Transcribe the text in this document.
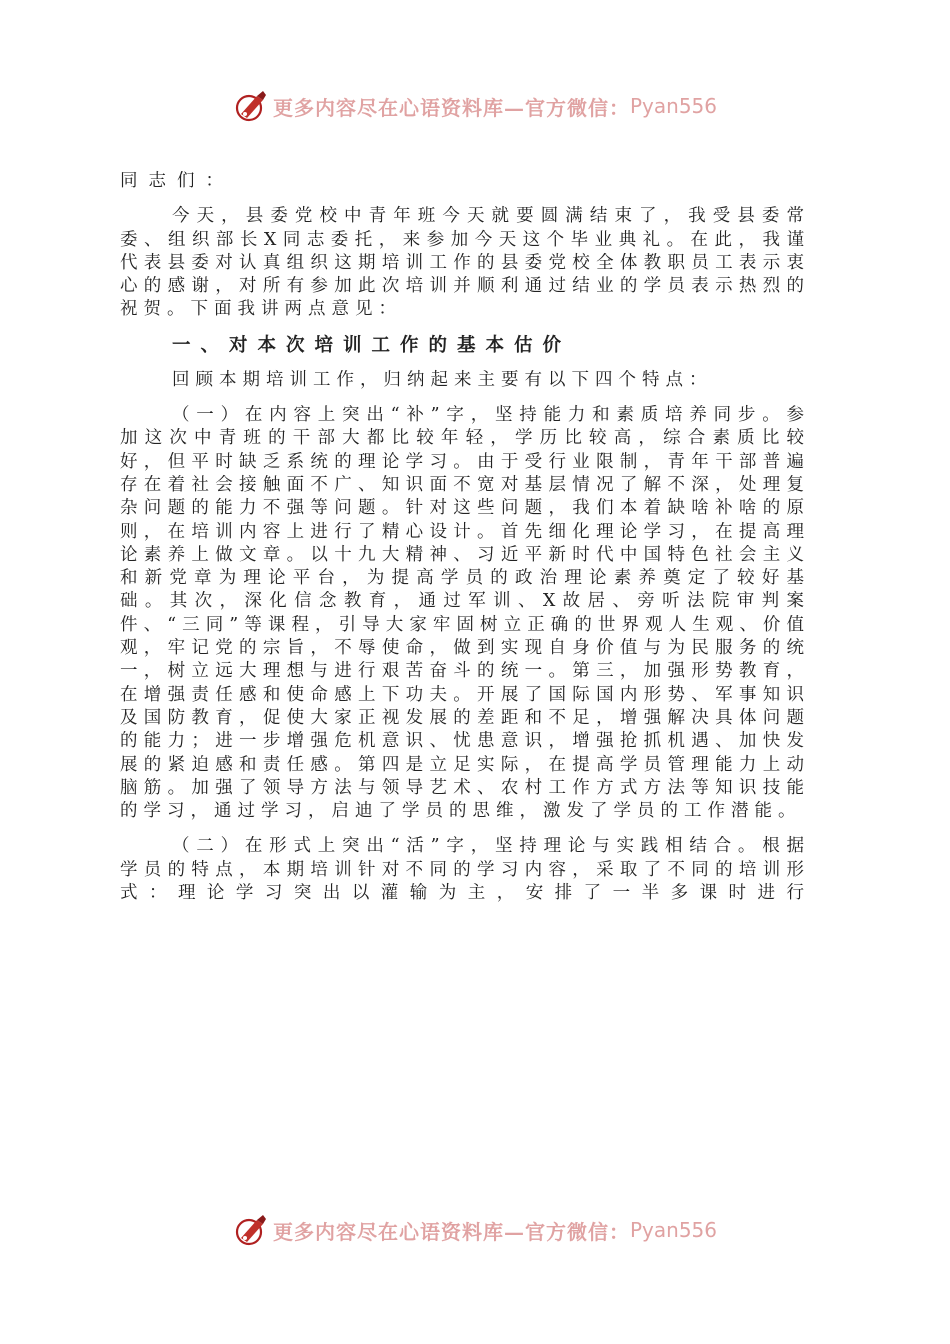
更多内容尽在心语资料库—官方微信： Pyan556

同志们：

今天，县委党校中青年班今天就要圆满结束了，我受县委常委、组织部长X同志委托，来参加今天这个毕业典礼。在此，我谨代表县委对认真组织这期培训工作的县委党校全体教职员工表示衷心的感谢，对所有参加此次培训并顺利通过结业的学员表示热烈的祝贺。下面我讲两点意见：

一、对本次培训工作的基本估价

回顾本期培训工作，归纳起来主要有以下四个特点：

（一）在内容上突出“补”字，坚持能力和素质培养同步。参加这次中青班的干部大都比较年轻，学历比较高，综合素质比较好，但平时缺乏系统的理论学习。由于受行业限制，青年干部普遍存在着社会接触面不广、知识面不宽对基层情况了解不深，处理复杂问题的能力不强等问题。针对这些问题，我们本着缺啥补啥的原则，在培训内容上进行了精心设计。首先细化理论学习，在提高理论素养上做文章。以十九大精神、习近平新时代中国特色社会主义和新党章为理论平台，为提高学员的政治理论素养奠定了较好基础。其次，深化信念教育，通过军训、X故居、旁听法院审判案件、“三同”等课程，引导大家牢固树立正确的世界观人生观、价值观，牢记党的宗旨，不辱使命，做到实现自身价值与为民服务的统一，树立远大理想与进行艰苦奋斗的统一。第三，加强形势教育，在增强责任感和使命感上下功夫。开展了国际国内形势、军事知识及国防教育，促使大家正视发展的差距和不足，增强解决具体问题的能力；进一步增强危机意识、忧患意识，增强抢抓机遇、加快发展的紧迫感和责任感。第四是立足实际，在提高学员管理能力上动脑筋。加强了领导方法与领导艺术、农村工作方式方法等知识技能的学习，通过学习，启迪了学员的思维，激发了学员的工作潜能。

（二）在形式上突出“活”字，坚持理论与实践相结合。根据学员的特点，本期培训针对不同的学习内容，采取了不同的培训形式：理论学习突出以灌输为主，安排了一半多课时进行

更多内容尽在心语资料库—官方微信： Pyan556
